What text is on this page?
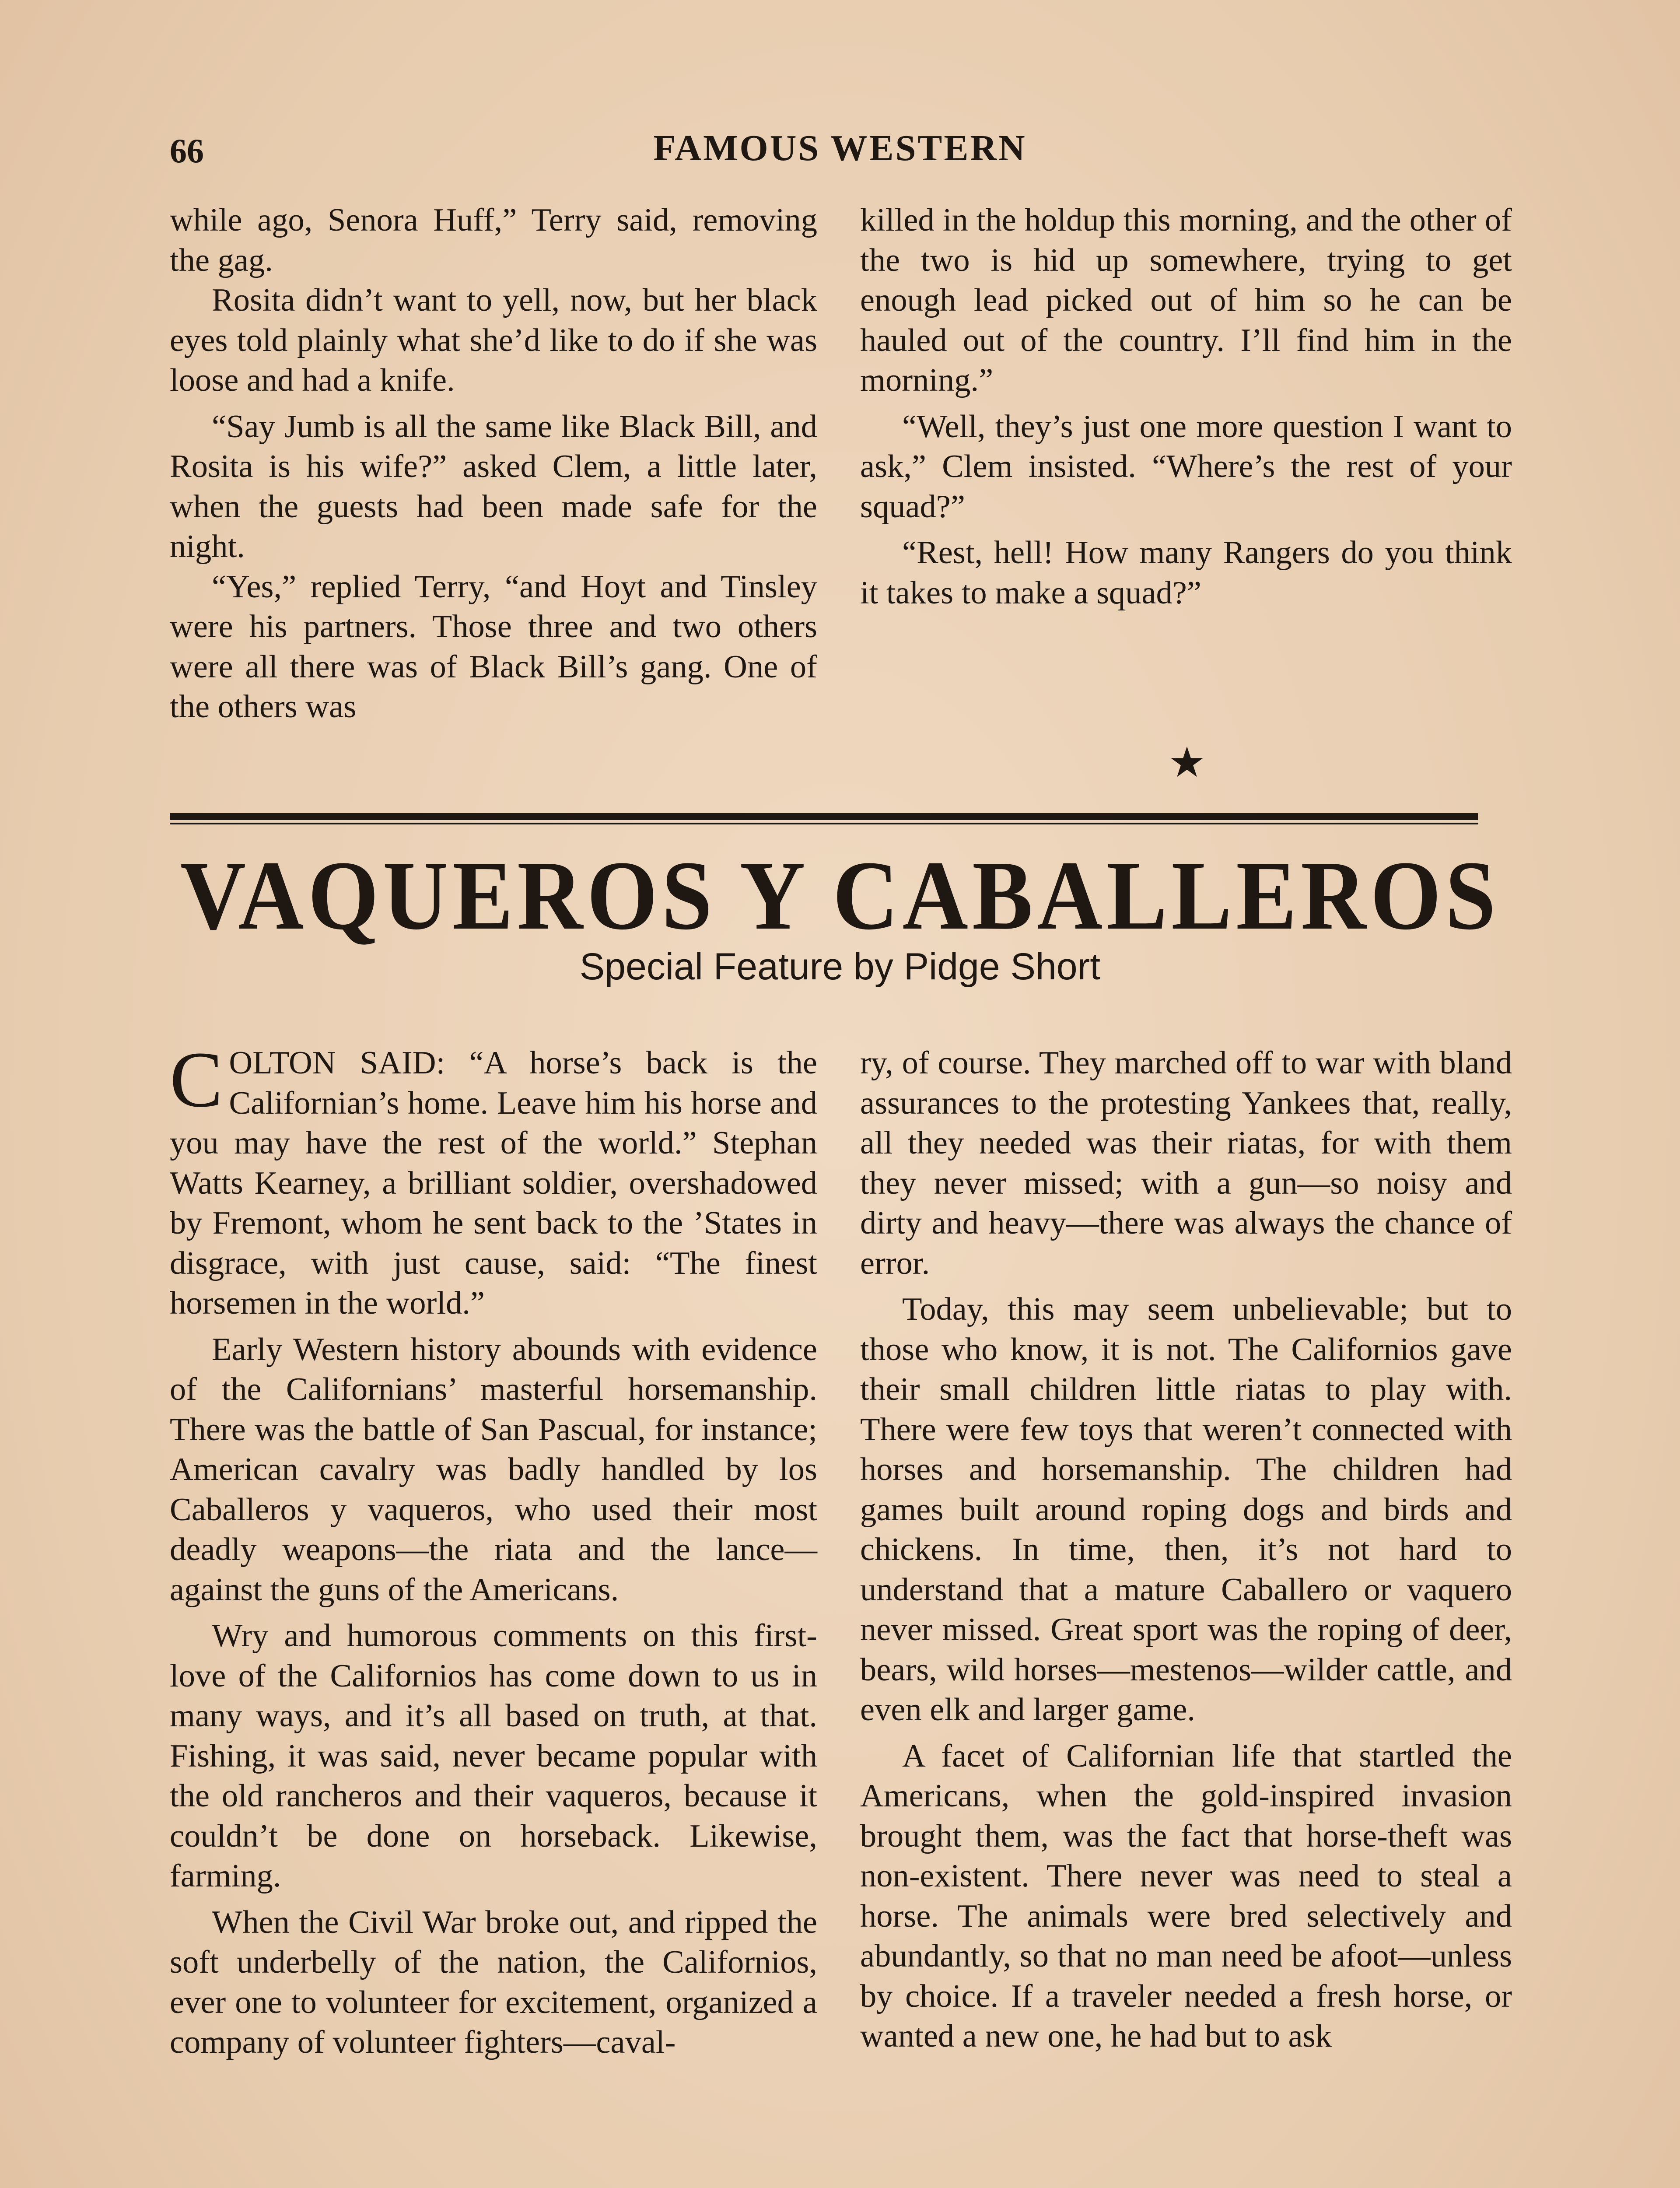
66	FAMOUS WESTERN

while ago, Senora Huff,” Terry said, removing the gag.

Rosita didn’t want to yell, now, but her black eyes told plainly what she’d like to do if she was loose and had a knife.

“Say Jumb is all the same like Black Bill, and Rosita is his wife?” asked Clem, a little later, when the guests had been made safe for the night.

“Yes,” replied Terry, “and Hoyt and Tinsley were his partners. Those three and two others were all there was of Black Bill’s gang. One of the others was

killed in the holdup this morning, and the other of the two is hid up somewhere, trying to get enough lead picked out of him so he can be hauled out of the country. I’ll find him in the morning.”

“Well, they’s just one more question I want to ask,” Clem insisted. “Where’s the rest of your squad?”

“Rest, hell! How many Rangers do you think it takes to make a squad?”

★
VAQUEROS Y CABALLEROS
Special Feature by Pidge Short

COLTON SAID: “A horse’s back is the Californian’s home. Leave him his horse and you may have the rest of the world.” Stephan Watts Kearney, a brilliant soldier, overshadowed by Fremont, whom he sent back to the ’States in disgrace, with just cause, said: “The finest horsemen in the world.”

Early Western history abounds with evidence of the Californians’ masterful horsemanship. There was the battle of San Pascual, for instance; American cavalry was badly handled by los Caballeros y vaqueros, who used their most deadly weapons—the riata and the lance—against the guns of the Americans.

Wry and humorous comments on this first-love of the Californios has come down to us in many ways, and it’s all based on truth, at that. Fishing, it was said, never became popular with the old rancheros and their vaqueros, because it couldn’t be done on horseback. Likewise, farming.

When the Civil War broke out, and ripped the soft underbelly of the nation, the Californios, ever one to volunteer for excitement, organized a company of volunteer fighters—caval-

ry, of course. They marched off to war with bland assurances to the protesting Yankees that, really, all they needed was their riatas, for with them they never missed; with a gun—so noisy and dirty and heavy—there was always the chance of error.

Today, this may seem unbelievable; but to those who know, it is not. The Californios gave their small children little riatas to play with. There were few toys that weren’t connected with horses and horsemanship. The children had games built around roping dogs and birds and chickens. In time, then, it’s not hard to understand that a mature Caballero or vaquero never missed. Great sport was the roping of deer, bears, wild horses—mestenos—wilder cattle, and even elk and larger game.

A facet of Californian life that startled the Americans, when the gold-inspired invasion brought them, was the fact that horse-theft was non-existent. There never was need to steal a horse. The animals were bred selectively and abundantly, so that no man need be afoot—unless by choice. If a traveler needed a fresh horse, or wanted a new one, he had but to ask
